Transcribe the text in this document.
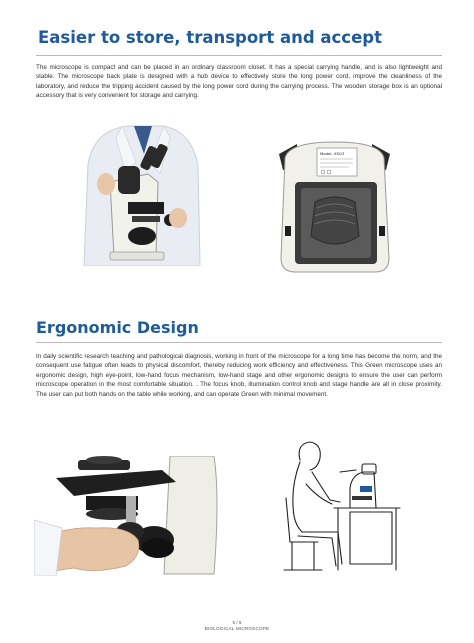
Easier to store, transport and accept

The microscope is compact and can be placed in an ordinary classroom closet. It has a special carrying handle, and is also lightweight and stable. The microscope back plate is designed with a hub device to effectively store the long power cord, improve the cleanliness of the laboratory, and reduce the tripping accident caused by the long power cord during the carrying process. The wooden storage box is an optional accessory that is very convenient for storage and carrying.

Model: XSG3
Ergonomic Design

In daily scientific research teaching and pathological diagnosis, working in front of the microscope for a long time has become the norm, and the consequent use fatigue often leads to physical discomfort, thereby reducing work efficiency and effectiveness. This Green microscope uses an ergonomic design, high eye-point, low-hand focus mechanism, low-hand stage and other ergonomic designs to ensure the user can perform microscope operation in the most comfortable situation. . The focus knob, illumination control knob and stage handle are all in close proximity. The user can put both hands on the table while working, and can operate Green with minimal movement.

5 / 6
BIOLOGICAL MICROSCOPE
